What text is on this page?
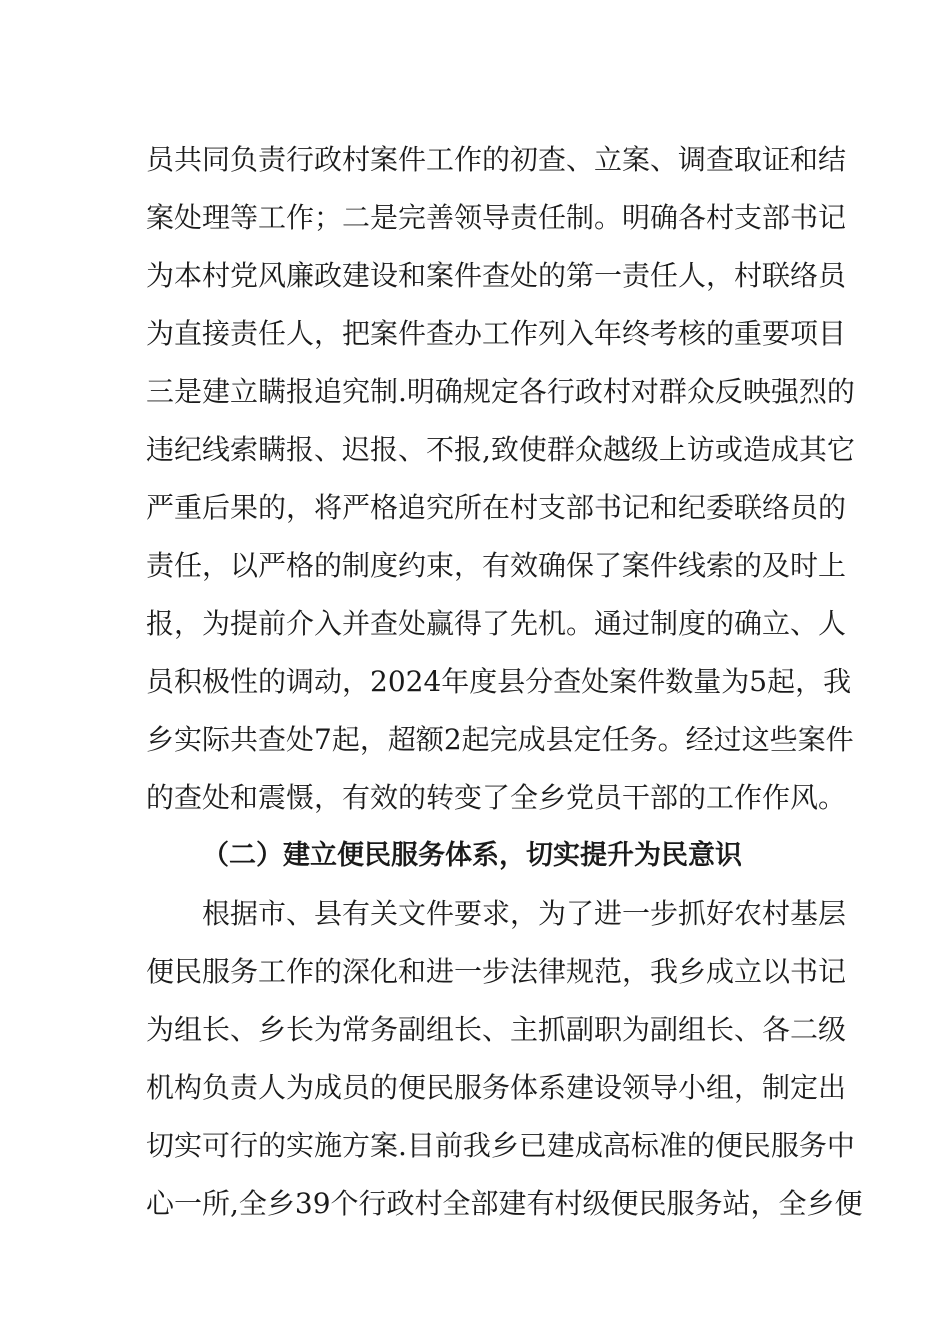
员共同负责行政村案件工作的初查、立案、调查取证和结
案处理等工作；二是完善领导责任制。明确各村支部书记
为本村党风廉政建设和案件查处的第一责任人，村联络员
为直接责任人，把案件查办工作列入年终考核的重要项目
三是建立瞒报追究制.明确规定各行政村对群众反映强烈的
违纪线索瞒报、迟报、不报,致使群众越级上访或造成其它
严重后果的，将严格追究所在村支部书记和纪委联络员的
责任，以严格的制度约束，有效确保了案件线索的及时上
报，为提前介入并查处赢得了先机。通过制度的确立、人
员积极性的调动，2024年度县分查处案件数量为5起，我
乡实际共查处7起，超额2起完成县定任务。经过这些案件
的查处和震慑，有效的转变了全乡党员干部的工作作风。
（二）建立便民服务体系，切实提升为民意识
根据市、县有关文件要求，为了进一步抓好农村基层
便民服务工作的深化和进一步法律规范，我乡成立以书记
为组长、乡长为常务副组长、主抓副职为副组长、各二级
机构负责人为成员的便民服务体系建设领导小组，制定出
切实可行的实施方案.目前我乡已建成高标准的便民服务中
心一所,全乡39个行政村全部建有村级便民服务站，全乡便
